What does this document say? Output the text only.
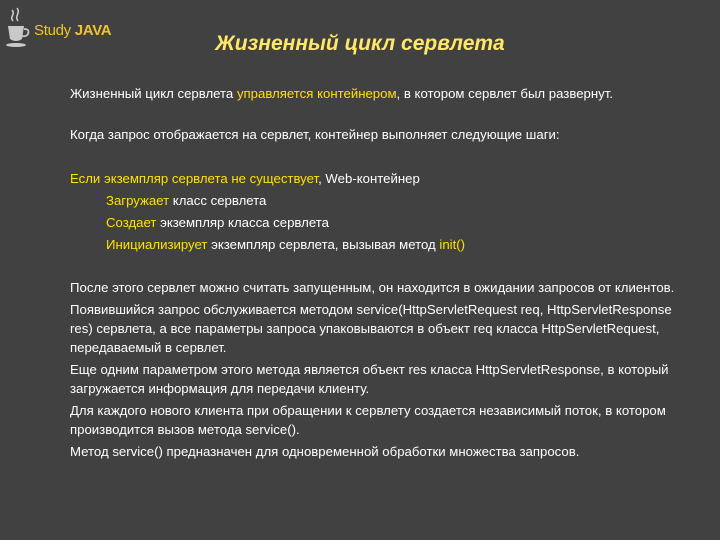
Study JAVA
Жизненный цикл сервлета

Жизненный цикл сервлета управляется контейнером, в котором сервлет был развернут.

Когда запрос отображается на сервлет, контейнер выполняет следующие шаги:

Если экземпляр сервлета не существует, Web-контейнер

Загружает класс сервлета

Создает экземпляр класса сервлета

Инициализирует экземпляр сервлета, вызывая метод init()

После этого сервлет можно считать запущенным, он находится в ожидании запросов от клиентов.

Появившийся запрос обслуживается методом service(HttpServletRequest req, HttpServletResponse res) сервлета, а все параметры запроса упаковываются в объект req класса HttpServletRequest, передаваемый в сервлет.

Еще одним параметром этого метода является объект res класса HttpServletResponse, в который загружается информация для передачи клиенту.

Для каждого нового клиента при обращении к сервлету создается независимый поток, в котором производится вызов метода service().

Метод service() предназначен для одновременной обработки множества запросов.
